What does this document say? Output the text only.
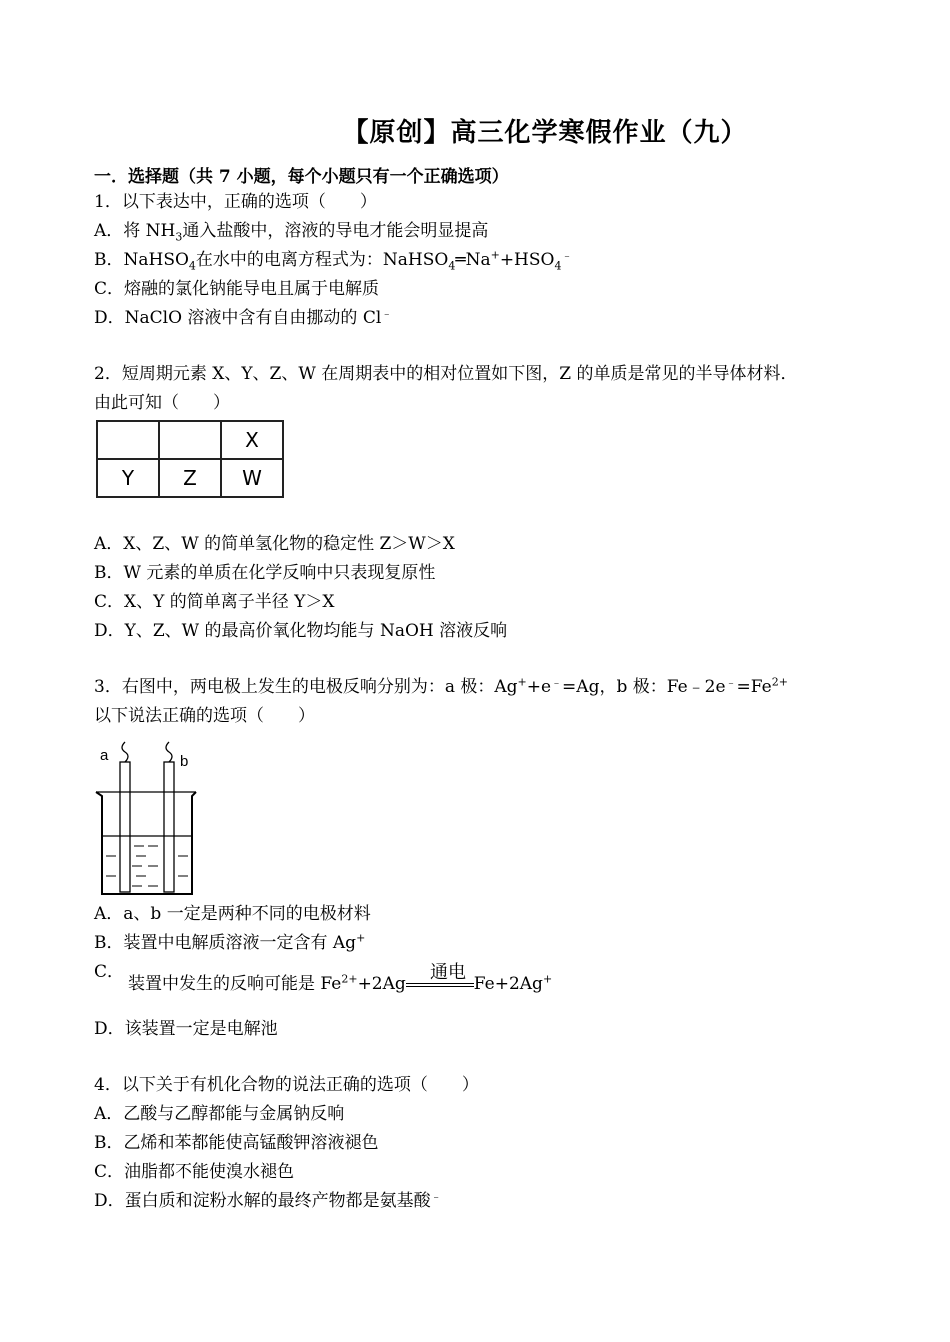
【原创】高三化学寒假作业（九）
一．选择题（共 7 小题，每个小题只有一个正确选项）
1．以下表达中，正确的选项（　　）
A．将 $NH_3$通入盐酸中，溶液的导电才能会明显提高
B．NaHSO$_4$在水中的电离方程式为：$NaHSO_4═Na^++HSO_4^﹣$
C．熔融的氯化钠能导电且属于电解质
D．NaClO 溶液中含有自由挪动的 Cl﹣
2．短周期元素 X、Y、Z、W 在周期表中的相对位置如下图，Z 的单质是常见的半导体材料．
由此可知（　　）
		X
Y	Z	W
A．X、Z、W 的简单氢化物的稳定性 Z＞W＞X
B．W 元素的单质在化学反响中只表现复原性
C．X、Y 的简单离子半径 Y＞X
D．Y、Z、W 的最高价氧化物均能与 NaOH 溶液反响
3．右图中，两电极上发生的电极反响分别为：a 极：Ag++e﹣=Ag，b 极：$Fe﹣2e^﹣=Fe^{2+}$
以下说法正确的选项（　　）
a	b
A．a、b 一定是两种不同的电极材料
B．装置中电解质溶液一定含有 Ag+
C．
装置中发生的反响可能是 $Fe^{2+}+2Ag$	Fe+2Ag+
通电
D．该装置一定是电解池
4．以下关于有机化合物的说法正确的选项（　　）
A．乙酸与乙醇都能与金属钠反响
B．乙烯和苯都能使高锰酸钾溶液褪色
C．油脂都不能使溴水褪色
D．蛋白质和淀粉水解的最终产物都是氨基酸﹣
